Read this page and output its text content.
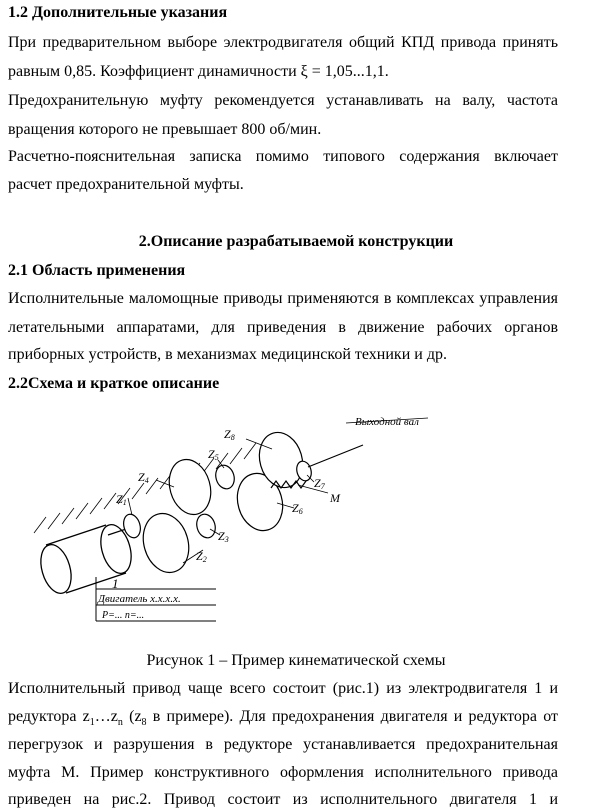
1.2 Дополнительные указания
При предварительном выборе электродвигателя общий КПД привода принять
равным 0,85. Коэффициент динамичности ξ = 1,05...1,1.
Предохранительную муфту рекомендуется устанавливать на валу, частота
вращения которого не превышает 800 об/мин.
Расчетно-пояснительная записка помимо типового содержания включает
расчет предохранительной муфты.
2.Описание разрабатываемой конструкции
2.1 Область применения
Исполнительные маломощные приводы применяются в комплексах управления
летательными аппаратами, для приведения в движение рабочих органов
приборных устройств, в механизмах медицинской техники и др.
2.2Схема и краткое описание
1
Двигатель x.x.x.x.
P=... n=...
Z1
Z2
Z3
Z4
Z5
Z6
Z7
Z8
M
Выходной вал
Рисунок 1 – Пример кинематической схемы
Исполнительный привод чаще всего состоит (рис.1) из электродвигателя 1 и
редуктора $z_1\dots z_n$ ($z_8$ в примере). Для предохранения двигателя и редуктора от
перегрузок и разрушения в редукторе устанавливается предохранительная
муфта М. Пример конструктивного оформления исполнительного привода
приведен на рис.2. Привод состоит из исполнительного двигателя 1 и
